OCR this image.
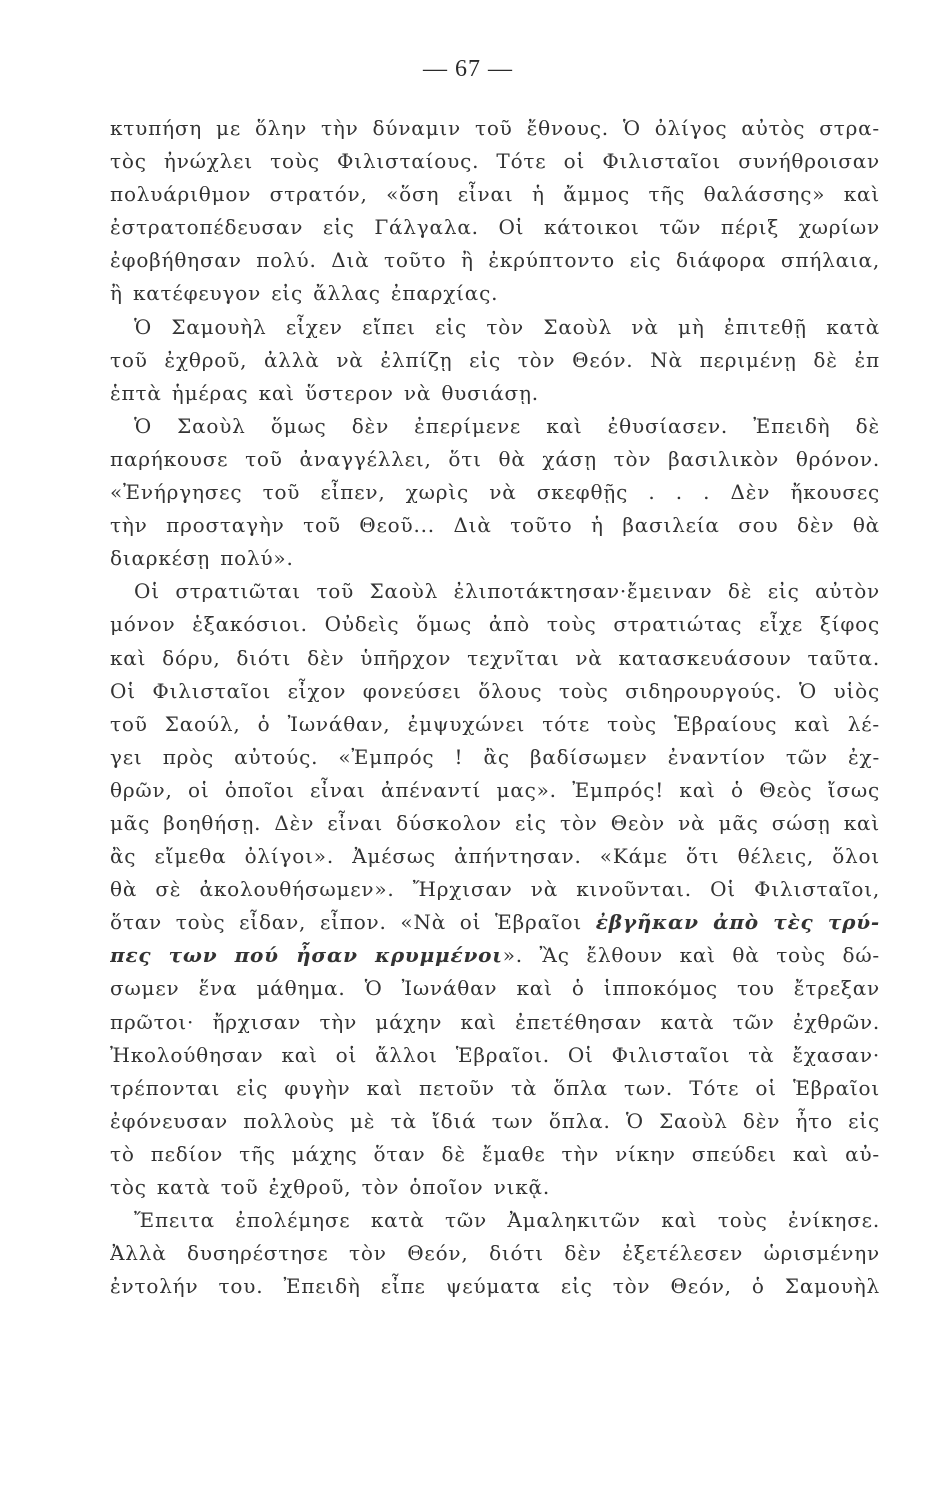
— 67 —
κτυπήση με ὅλην τὴν δύναμιν τοῦ ἔθνους. Ὁ ὀλίγος αὐτὸς στρα-
τὸς ἠνώχλει τοὺς Φιλισταίους. Τότε οἱ Φιλισταῖοι συνήθροισαν
πολυάριθμον στρατόν, «ὅση εἶναι ἡ ἄμμος τῆς θαλάσσης» καὶ
ἐστρατοπέδευσαν εἰς Γάλγαλα. Οἱ κάτοικοι τῶν πέριξ χωρίων
ἐφοβήθησαν πολύ. Διὰ τοῦτο ἢ ἐκρύπτοντο εἰς διάφορα σπήλαια,
ἢ κατέφευγον εἰς ἄλλας ἐπαρχίας.
Ὁ Σαμουὴλ εἶχεν εἴπει εἰς τὸν Σαοὺλ νὰ μὴ ἐπιτεθῇ κατὰ
τοῦ ἐχθροῦ, ἀλλὰ νὰ ἐλπίζῃ εἰς τὸν Θεόν. Νὰ περιμένῃ δὲ ἐπ
ἑπτὰ ἡμέρας καὶ ὕστερον νὰ θυσιάσῃ.
Ὁ Σαοὺλ ὅμως δὲν ἐπερίμενε καὶ ἐθυσίασεν. Ἐπειδὴ δὲ
παρήκουσε τοῦ ἀναγγέλλει, ὅτι θὰ χάσῃ τὸν βασιλικὸν θρόνον.
«Ἐνήργησες τοῦ εἶπεν, χωρὶς νὰ σκεφθῇς . . . Δὲν ἤκουσες
τὴν προσταγὴν τοῦ Θεοῦ... Διὰ τοῦτο ἡ βασιλεία σου δὲν θὰ
διαρκέσῃ πολύ».
Οἱ στρατιῶται τοῦ Σαοὺλ ἐλιποτάκτησαν·ἔμειναν δὲ εἰς αὐτὸν
μόνον ἑξακόσιοι. Οὐδεὶς ὅμως ἀπὸ τοὺς στρατιώτας εἶχε ξίφος
καὶ δόρυ, διότι δὲν ὑπῆρχον τεχνῖται νὰ κατασκευάσουν ταῦτα.
Οἱ Φιλισταῖοι εἶχον φονεύσει ὅλους τοὺς σιδηρουργούς. Ὁ υἱὸς
τοῦ Σαούλ, ὁ Ἰωνάθαν, ἐμψυχώνει τότε τοὺς Ἑβραίους καὶ λέ-
γει πρὸς αὐτούς. «Ἐμπρός ! ἂς βαδίσωμεν ἐναντίον τῶν ἐχ-
θρῶν, οἱ ὁποῖοι εἶναι ἀπέναντί μας». Ἐμπρός! καὶ ὁ Θεὸς ἴσως
μᾶς βοηθήσῃ. Δὲν εἶναι δύσκολον εἰς τὸν Θεὸν νὰ μᾶς σώσῃ καὶ
ἂς εἴμεθα ὀλίγοι». Ἀμέσως ἀπήντησαν. «Κάμε ὅτι θέλεις, ὅλοι
θὰ σὲ ἀκολουθήσωμεν». Ἤρχισαν νὰ κινοῦνται. Οἱ Φιλισταῖοι,
ὅταν τοὺς εἶδαν, εἶπον. «Νὰ οἱ Ἑβραῖοι ἐβγῆκαν ἀπὸ τὲς τρύ-
πες των πού ἦσαν κρυμμένοι». Ἂς ἔλθουν καὶ θὰ τοὺς δώ-
σωμεν ἕνα μάθημα. Ὁ Ἰωνάθαν καὶ ὁ ἱπποκόμος του ἔτρεξαν
πρῶτοι· ἤρχισαν τὴν μάχην καὶ ἐπετέθησαν κατὰ τῶν ἐχθρῶν.
Ἠκολούθησαν καὶ οἱ ἄλλοι Ἑβραῖοι. Οἱ Φιλισταῖοι τὰ ἔχασαν·
τρέπονται εἰς φυγὴν καὶ πετοῦν τὰ ὅπλα των. Τότε οἱ Ἑβραῖοι
ἐφόνευσαν πολλοὺς μὲ τὰ ἴδιά των ὅπλα. Ὁ Σαοὺλ δὲν ἦτο εἰς
τὸ πεδίον τῆς μάχης ὅταν δὲ ἔμαθε τὴν νίκην σπεύδει καὶ αὐ-
τὸς κατὰ τοῦ ἐχθροῦ, τὸν ὁποῖον νικᾷ.
Ἔπειτα ἐπολέμησε κατὰ τῶν Ἀμαληκιτῶν καὶ τοὺς ἐνίκησε.
Ἀλλὰ δυσηρέστησε τὸν Θεόν, διότι δὲν ἐξετέλεσεν ὡρισμένην
ἐντολήν του. Ἐπειδὴ εἶπε ψεύματα εἰς τὸν Θεόν, ὁ Σαμουὴλ
